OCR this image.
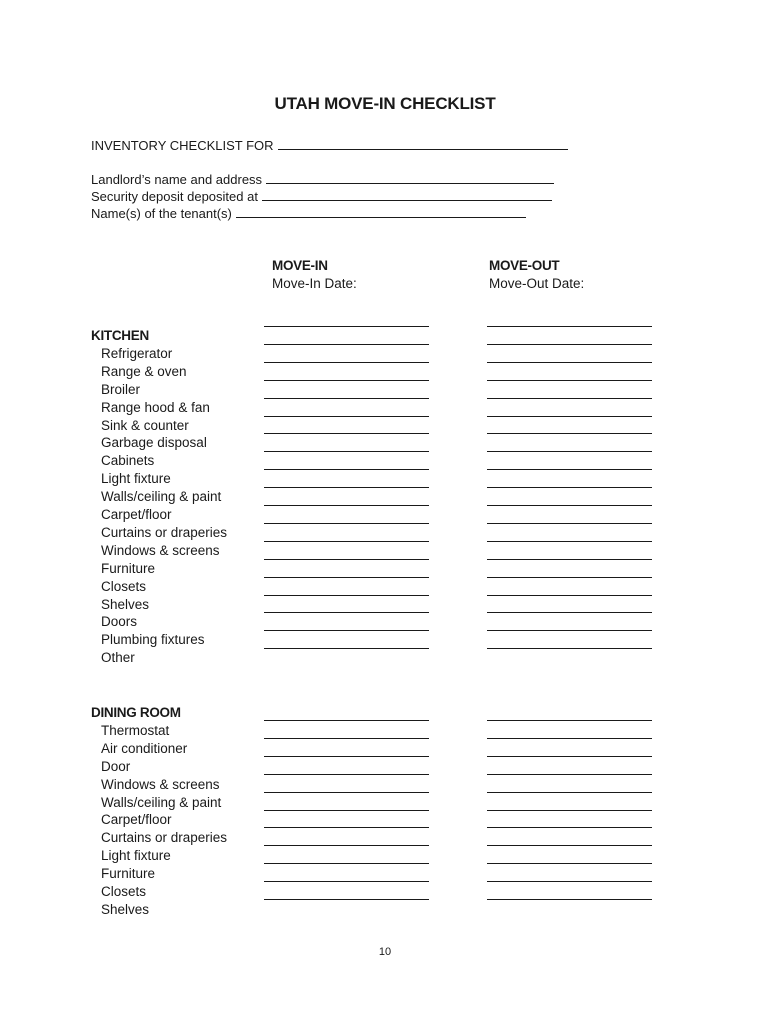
UTAH MOVE-IN CHECKLIST
INVENTORY CHECKLIST FOR
Landlord’s name and address
Security deposit deposited at
Name(s) of the tenant(s)
MOVE-IN
Move-In Date:
MOVE-OUT
Move-Out Date:
KITCHEN
Refrigerator
Range & oven
Broiler
Range hood & fan
Sink & counter
Garbage disposal
Cabinets
Light fixture
Walls/ceiling & paint
Carpet/floor
Curtains or draperies
Windows & screens
Furniture
Closets
Shelves
Doors
Plumbing fixtures
Other
DINING ROOM
Thermostat
Air conditioner
Door
Windows & screens
Walls/ceiling & paint
Carpet/floor
Curtains or draperies
Light fixture
Furniture
Closets
Shelves
10
